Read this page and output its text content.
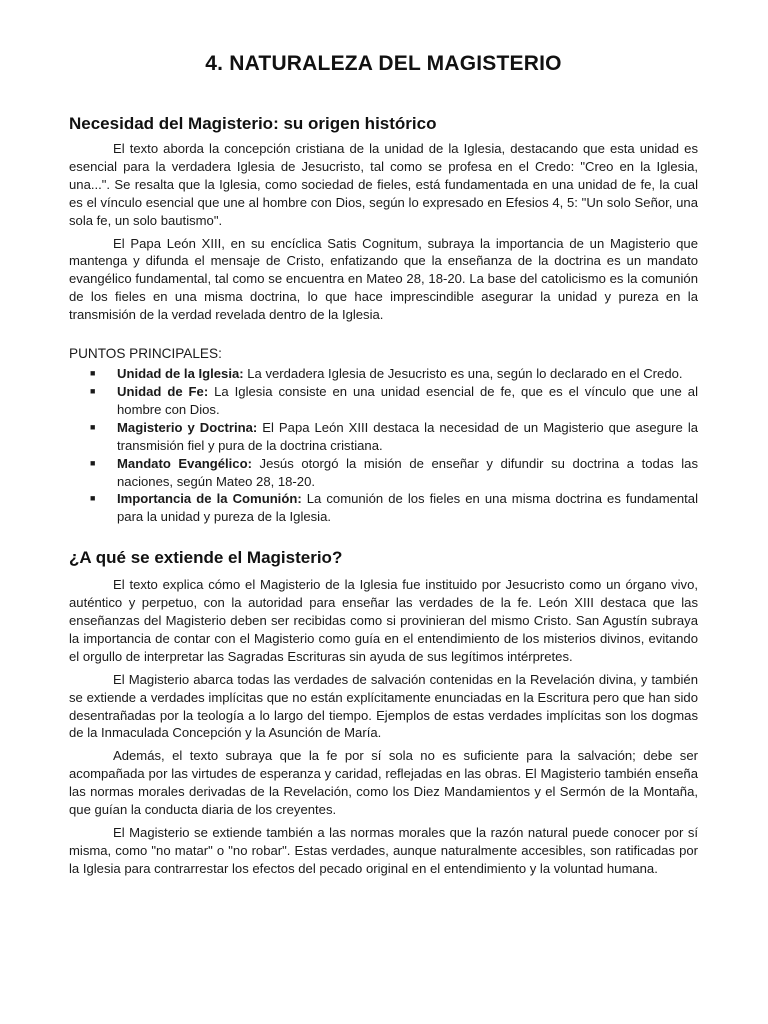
4. NATURALEZA DEL MAGISTERIO
Necesidad del Magisterio: su origen histórico

El texto aborda la concepción cristiana de la unidad de la Iglesia, destacando que esta unidad es esencial para la verdadera Iglesia de Jesucristo, tal como se profesa en el Credo: "Creo en la Iglesia, una...". Se resalta que la Iglesia, como sociedad de fieles, está fundamentada en una unidad de fe, la cual es el vínculo esencial que une al hombre con Dios, según lo expresado en Efesios 4, 5: "Un solo Señor, una sola fe, un solo bautismo".

El Papa León XIII, en su encíclica Satis Cognitum, subraya la importancia de un Magisterio que mantenga y difunda el mensaje de Cristo, enfatizando que la enseñanza de la doctrina es un mandato evangélico fundamental, tal como se encuentra en Mateo 28, 18-20. La base del catolicismo es la comunión de los fieles en una misma doctrina, lo que hace imprescindible asegurar la unidad y pureza en la transmisión de la verdad revelada dentro de la Iglesia.

PUNTOS PRINCIPALES:
■ Unidad de la Iglesia: La verdadera Iglesia de Jesucristo es una, según lo declarado en el Credo.
■ Unidad de Fe: La Iglesia consiste en una unidad esencial de fe, que es el vínculo que une al hombre con Dios.
■ Magisterio y Doctrina: El Papa León XIII destaca la necesidad de un Magisterio que asegure la transmisión fiel y pura de la doctrina cristiana.
■ Mandato Evangélico: Jesús otorgó la misión de enseñar y difundir su doctrina a todas las naciones, según Mateo 28, 18-20.
■ Importancia de la Comunión: La comunión de los fieles en una misma doctrina es fundamental para la unidad y pureza de la Iglesia.
¿A qué se extiende el Magisterio?

El texto explica cómo el Magisterio de la Iglesia fue instituido por Jesucristo como un órgano vivo, auténtico y perpetuo, con la autoridad para enseñar las verdades de la fe. León XIII destaca que las enseñanzas del Magisterio deben ser recibidas como si provinieran del mismo Cristo. San Agustín subraya la importancia de contar con el Magisterio como guía en el entendimiento de los misterios divinos, evitando el orgullo de interpretar las Sagradas Escrituras sin ayuda de sus legítimos intérpretes.

El Magisterio abarca todas las verdades de salvación contenidas en la Revelación divina, y también se extiende a verdades implícitas que no están explícitamente enunciadas en la Escritura pero que han sido desentrañadas por la teología a lo largo del tiempo. Ejemplos de estas verdades implícitas son los dogmas de la Inmaculada Concepción y la Asunción de María.

Además, el texto subraya que la fe por sí sola no es suficiente para la salvación; debe ser acompañada por las virtudes de esperanza y caridad, reflejadas en las obras. El Magisterio también enseña las normas morales derivadas de la Revelación, como los Diez Mandamientos y el Sermón de la Montaña, que guían la conducta diaria de los creyentes.

El Magisterio se extiende también a las normas morales que la razón natural puede conocer por sí misma, como "no matar" o "no robar". Estas verdades, aunque naturalmente accesibles, son ratificadas por la Iglesia para contrarrestar los efectos del pecado original en el entendimiento y la voluntad humana.
